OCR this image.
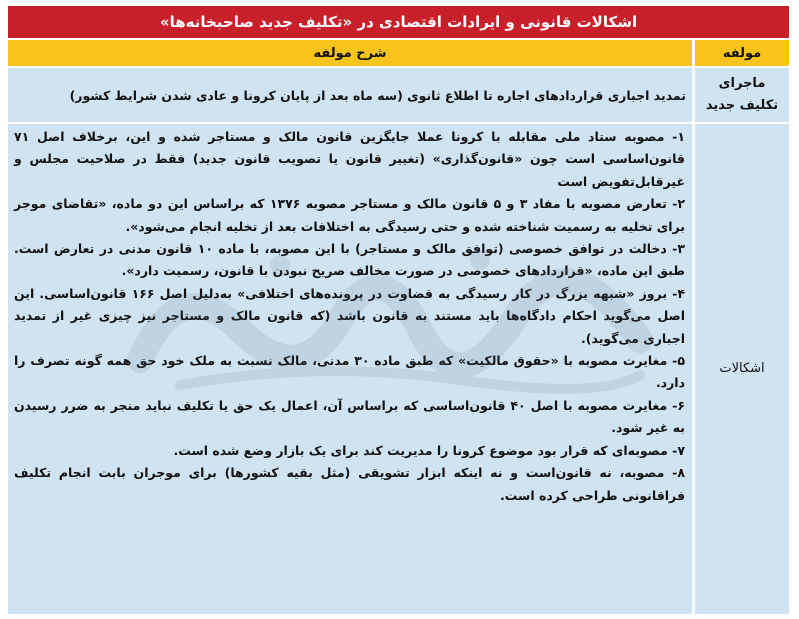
اشکالات قانونی و ایرادات اقتصادی در «تکلیف جدید صاحبخانه‌ها»
مولفه
شرح مولفه
ماجرای تکلیف جدید
تمدید اجباری قراردادهای اجاره تا اطلاع ثانوی (سه ماه بعد از پایان کرونا و عادی شدن شرایط کشور)
اشکالات

۱- مصوبه ستاد ملی مقابله با کرونا عملا جایگزین قانون مالک و مستاجر شده و این، برخلاف اصل ۷۱ قانون‌اساسی است چون «قانون‌گذاری» (تغییر قانون یا تصویب قانون جدید) فقط در صلاحیت مجلس و غیرقابل‌تفویض است

۲- تعارض مصوبه با مفاد ۳ و ۵ قانون مالک و مستاجر مصوبه ۱۳۷۶ که براساس این دو ماده، «تقاضای موجر برای تخلیه به رسمیت شناخته شده و حتی رسیدگی به اختلافات بعد از تخلیه انجام می‌شود».

۳- دخالت در توافق خصوصی (توافق مالک و مستاجر) با این مصوبه، با ماده ۱۰ قانون مدنی در تعارض است. طبق این ماده، «قراردادهای خصوصی در صورت مخالف صریح نبودن با قانون، رسمیت دارد».

۴- بروز «شبهه بزرگ در کار رسیدگی به قضاوت در پرونده‌های اختلافی» به‌دلیل اصل ۱۶۶ قانون‌اساسی. این اصل می‌گوید احکام دادگاه‌ها باید مستند به قانون باشد (که قانون مالک و مستاجر نیز چیزی غیر از تمدید اجباری می‌گوید).

۵- مغایرت مصوبه با «حقوق مالکیت» که طبق ماده ۳۰ مدنی، مالک نسبت به ملک خود حق همه گونه تصرف را دارد.

۶- مغایرت مصوبه با اصل ۴۰ قانون‌اساسی که براساس آن، اعمال یک حق یا تکلیف نباید منجر به ضرر رسیدن به غیر شود.

۷- مصوبه‌ای که قرار بود موضوع کرونا را مدیریت کند برای یک بازار وضع شده است.

۸- مصوبه، نه قانون‌است و نه اینکه ابزار تشویقی (مثل بقیه کشورها) برای موجران بابت انجام تکلیف فراقانونی طراحی کرده است.
